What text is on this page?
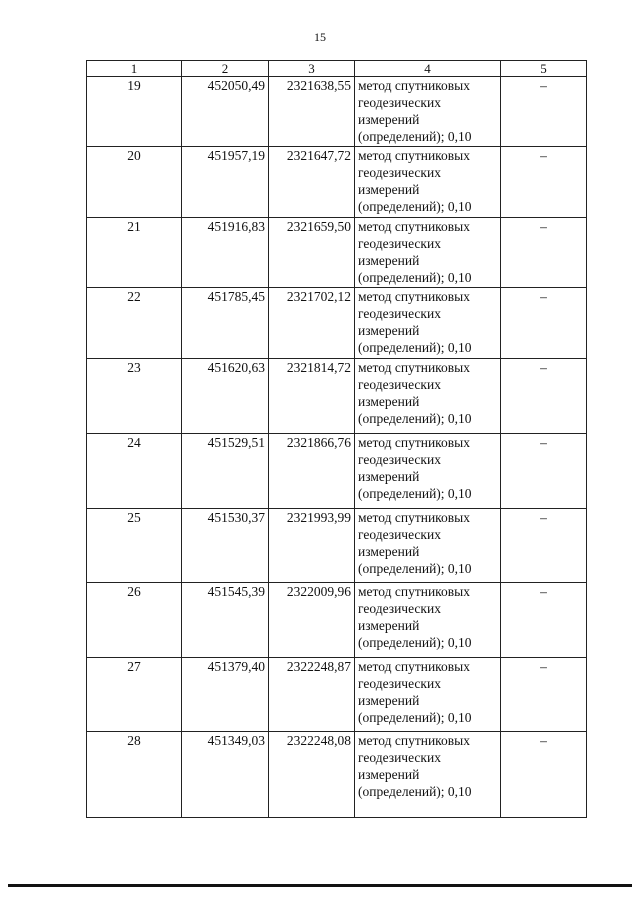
15
1	2	3	4	5
19	452050,49	2321638,55	метод спутниковых
геодезических
измерений
(определений); 0,10	–
20	451957,19	2321647,72	метод спутниковых
геодезических
измерений
(определений); 0,10	–
21	451916,83	2321659,50	метод спутниковых
геодезических
измерений
(определений); 0,10	–
22	451785,45	2321702,12	метод спутниковых
геодезических
измерений
(определений); 0,10	–
23	451620,63	2321814,72	метод спутниковых
геодезических
измерений
(определений); 0,10	–
24	451529,51	2321866,76	метод спутниковых
геодезических
измерений
(определений); 0,10	–
25	451530,37	2321993,99	метод спутниковых
геодезических
измерений
(определений); 0,10	–
26	451545,39	2322009,96	метод спутниковых
геодезических
измерений
(определений); 0,10	–
27	451379,40	2322248,87	метод спутниковых
геодезических
измерений
(определений); 0,10	–
28	451349,03	2322248,08	метод спутниковых
геодезических
измерений
(определений); 0,10	–
